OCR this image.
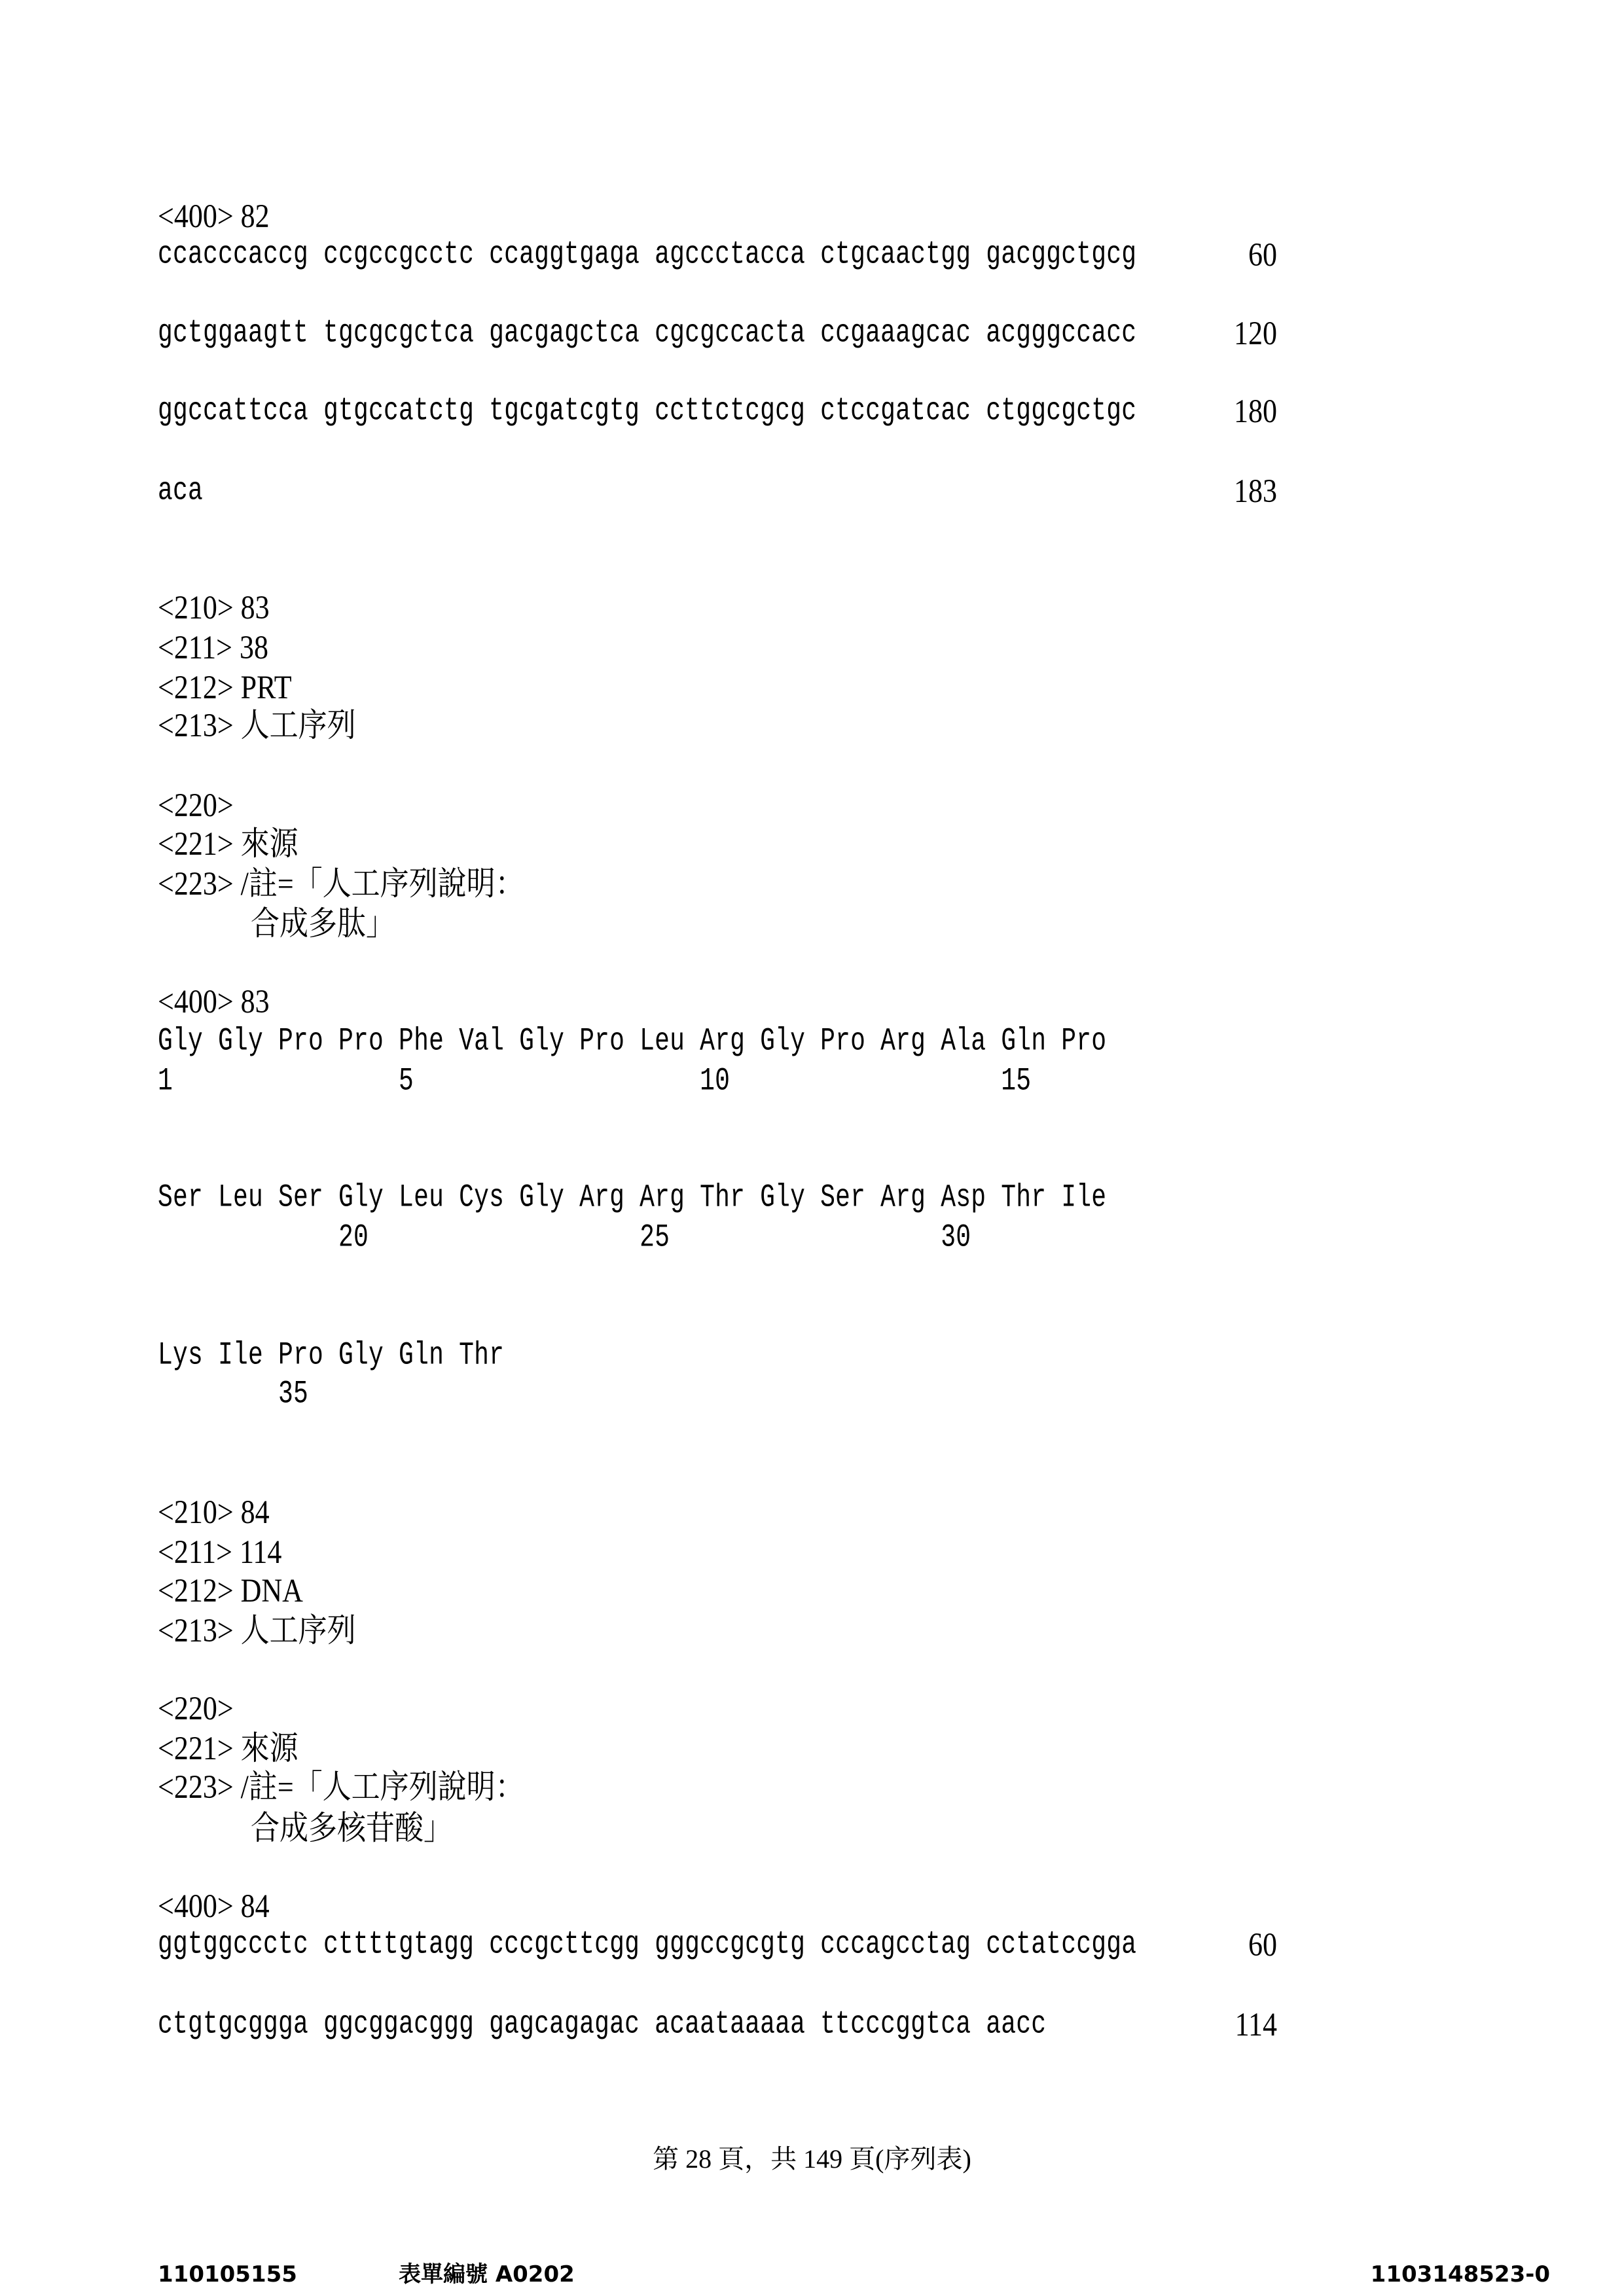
<400> 82
ccacccaccg ccgccgcctc ccaggtgaga agccctacca ctgcaactgg gacggctgcg	60
gctggaagtt tgcgcgctca gacgagctca cgcgccacta ccgaaagcac acgggccacc	120
ggccattcca gtgccatctg tgcgatcgtg ccttctcgcg ctccgatcac ctggcgctgc	180
aca	183
<210> 83
<211> 38
<212> PRT
<213> 人工序列
<220>
<221> 來源
<223> /註=「人工序列說明：
合成多肽」
<400> 83
Gly Gly Pro Pro Phe Val Gly Pro Leu Arg Gly Pro Arg Ala Gln Pro
1               5                   10                  15
Ser Leu Ser Gly Leu Cys Gly Arg Arg Thr Gly Ser Arg Asp Thr Ile
20                  25                  30
Lys Ile Pro Gly Gln Thr
35
<210> 84
<211> 114
<212> DNA
<213> 人工序列
<220>
<221> 來源
<223> /註=「人工序列說明：
合成多核苷酸」
<400> 84
ggtggccctc cttttgtagg cccgcttcgg gggccgcgtg cccagcctag cctatccgga	60
ctgtgcggga ggcggacggg gagcagagac acaataaaaa ttcccggtca aacc	114
第 28 頁，共 149 頁(序列表)
110105155	表單編號 A0202	1103148523-0
